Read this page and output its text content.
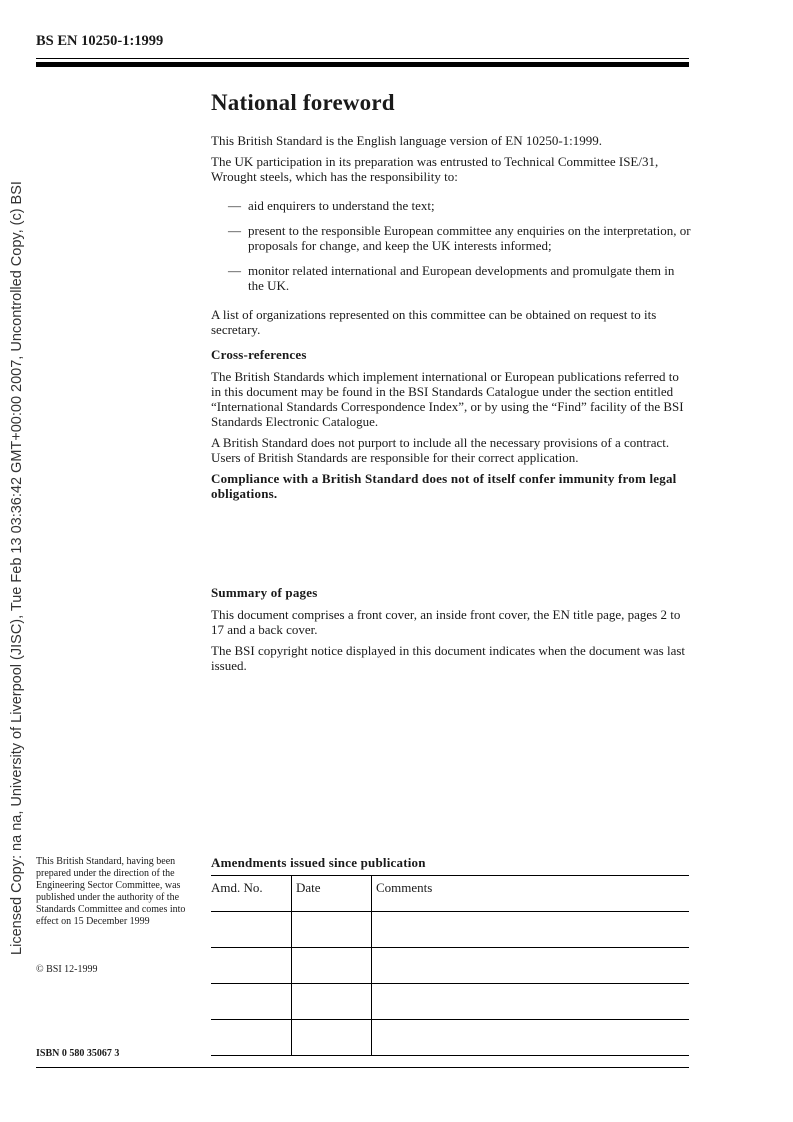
Licensed Copy: na na, University of Liverpool (JISC), Tue Feb 13 03:36:42 GMT+00:00 2007, Uncontrolled Copy, (c) BSI
BS EN 10250-1:1999
National foreword

This British Standard is the English language version of EN 10250-1:1999.

The UK participation in its preparation was entrusted to Technical Committee ISE/31, Wrought steels, which has the responsibility to:

— aid enquirers to understand the text;
— present to the responsible European committee any enquiries on the interpretation, or proposals for change, and keep the UK interests informed;
— monitor related international and European developments and promulgate them in the UK.

A list of organizations represented on this committee can be obtained on request to its secretary.

Cross-references

The British Standards which implement international or European publications referred to in this document may be found in the BSI Standards Catalogue under the section entitled “International Standards Correspondence Index”, or by using the “Find” facility of the BSI Standards Electronic Catalogue.

A British Standard does not purport to include all the necessary provisions of a contract. Users of British Standards are responsible for their correct application.

Compliance with a British Standard does not of itself confer immunity from legal obligations.

Summary of pages

This document comprises a front cover, an inside front cover, the EN title page, pages 2 to 17 and a back cover.

The BSI copyright notice displayed in this document indicates when the document was last issued.

This British Standard, having been prepared under the direction of the Engineering Sector Committee, was published under the authority of the Standards Committee and comes into effect on 15 December 1999
© BSI 12-1999
ISBN 0 580 35067 3
Amendments issued since publication
Amd. No.	Date	Comments
